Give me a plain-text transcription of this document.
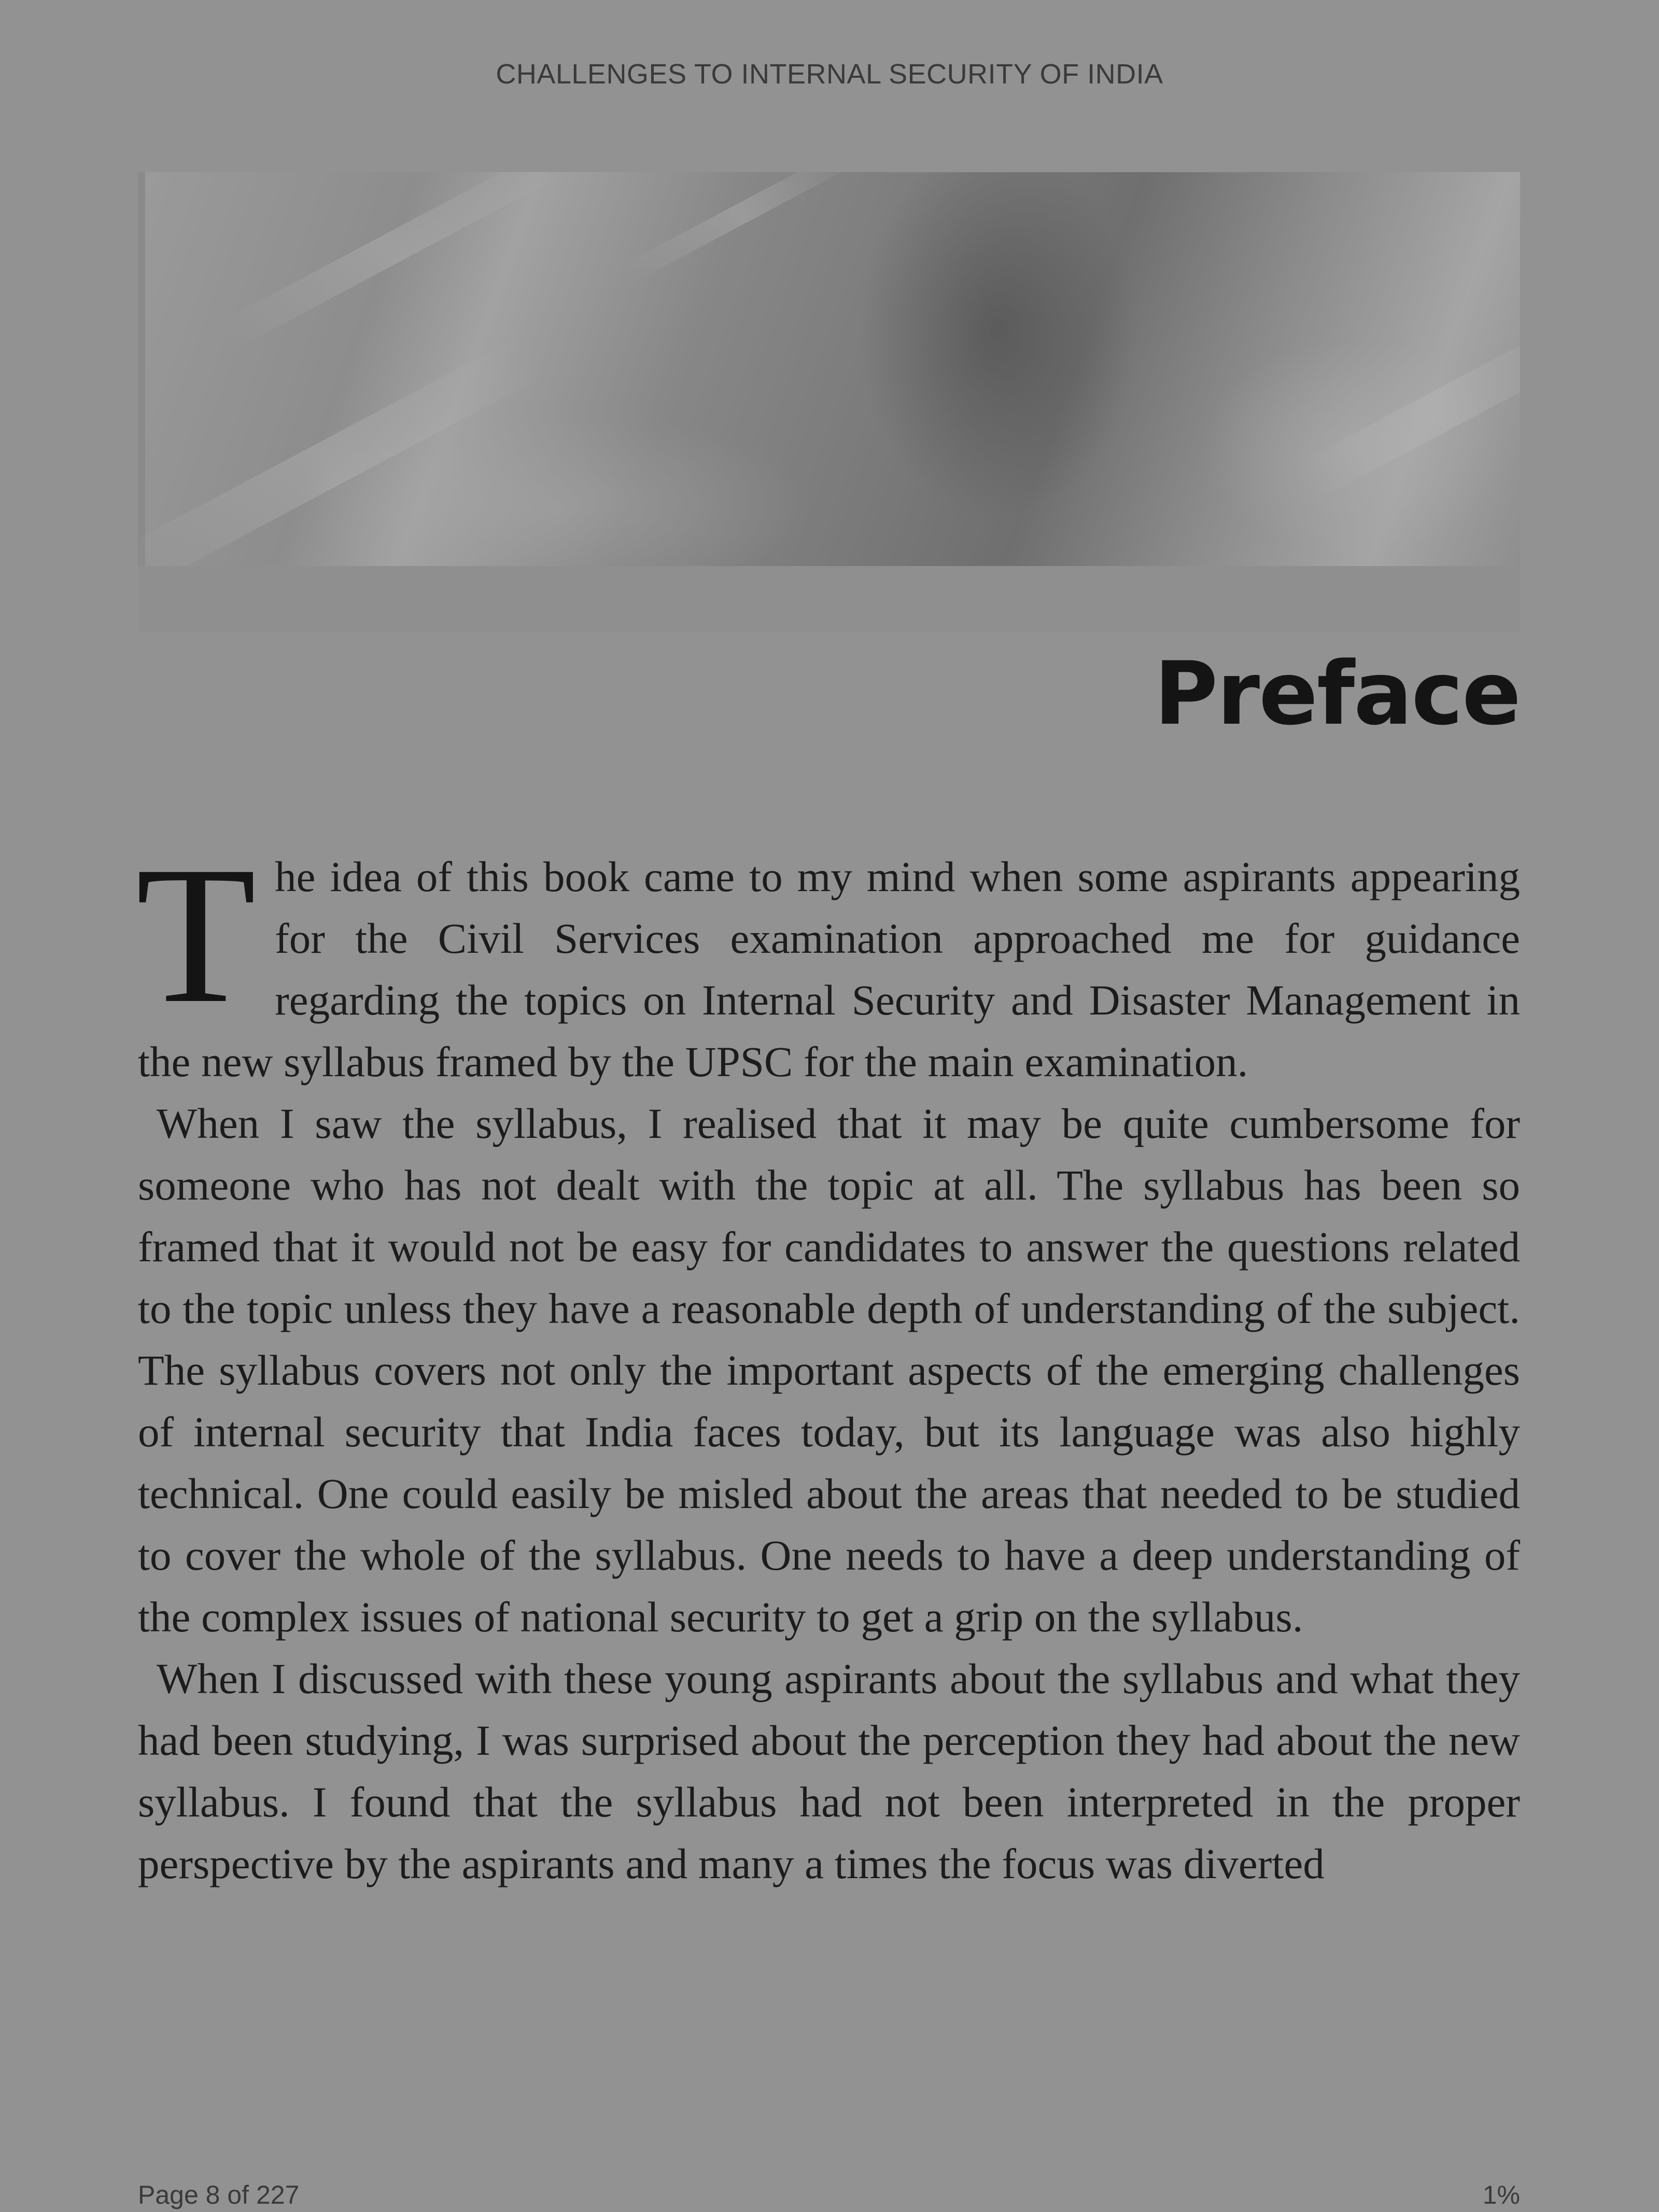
CHALLENGES TO INTERNAL SECURITY OF INDIA
Preface

The idea of this book came to my mind when some aspirants appearing for the Civil Services examination approached me for guidance regarding the topics on Internal Security and Disaster Management in the new syllabus framed by the UPSC for the main examination.

When I saw the syllabus, I realised that it may be quite cumbersome for someone who has not dealt with the topic at all. The syllabus has been so framed that it would not be easy for candidates to answer the questions related to the topic unless they have a reasonable depth of understanding of the subject. The syllabus covers not only the important aspects of the emerging challenges of internal security that India faces today, but its language was also highly technical. One could easily be misled about the areas that needed to be studied to cover the whole of the syllabus. One needs to have a deep understanding of the complex issues of national security to get a grip on the syllabus.

When I discussed with these young aspirants about the syllabus and what they had been studying, I was surprised about the perception they had about the new syllabus. I found that the syllabus had not been interpreted in the proper perspective by the aspirants and many a times the focus was diverted

Page 8 of 227	1%
